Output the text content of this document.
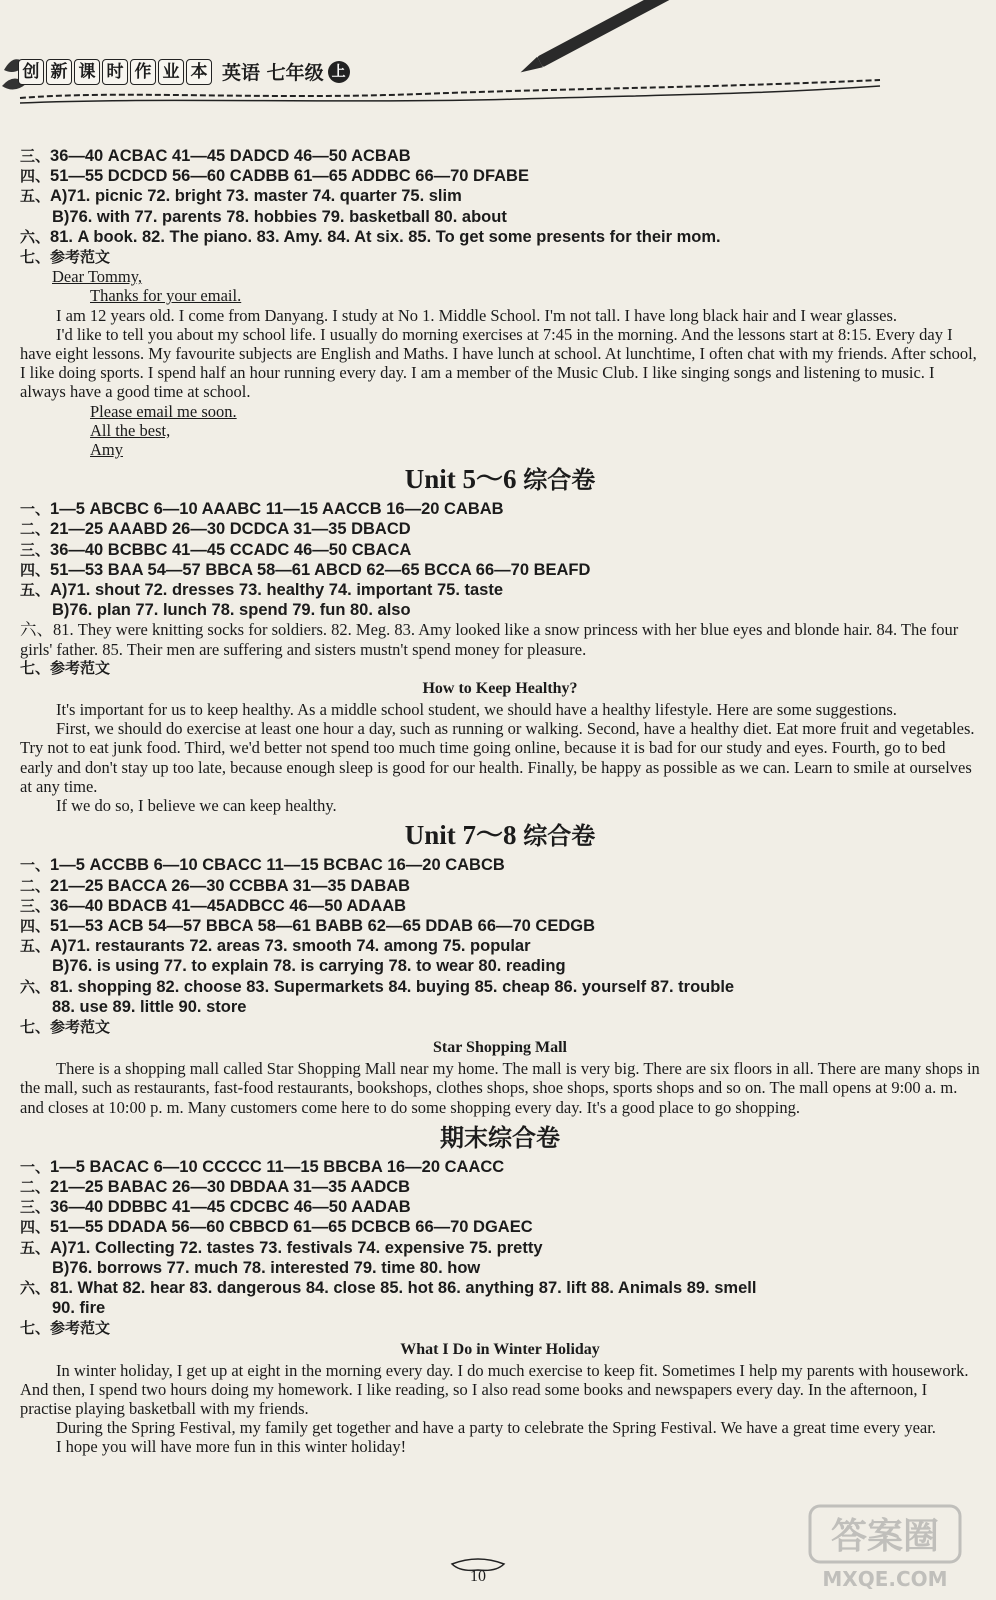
创 新 课 时 作 业 本 英语 七年级 上
三、36—40 ACBAC 41—45 DADCD 46—50 ACBAB
四、51—55 DCDCD 56—60 CADBB 61—65 ADDBC 66—70 DFABE
五、A)71. picnic 72. bright 73. master 74. quarter 75. slim
B)76. with 77. parents 78. hobbies 79. basketball 80. about
六、81. A book. 82. The piano. 83. Amy. 84. At six. 85. To get some presents for their mom.
七、参考范文
Dear Tommy,
Thanks for your email.
I am 12 years old. I come from Danyang. I study at No 1. Middle School. I'm not tall. I have long black hair and I wear glasses.
I'd like to tell you about my school life. I usually do morning exercises at 7:45 in the morning. And the lessons start at 8:15. Every day I have eight lessons. My favourite subjects are English and Maths. I have lunch at school. At lunchtime, I often chat with my friends. After school, I like doing sports. I spend half an hour running every day. I am a member of the Music Club. I like singing songs and listening to music. I always have a good time at school.
Please email me soon.
All the best,
Amy
Unit 5～6 综合卷
一、1—5 ABCBC 6—10 AAABC 11—15 AACCB 16—20 CABAB
二、21—25 AAABD 26—30 DCDCA 31—35 DBACD
三、36—40 BCBBC 41—45 CCADC 46—50 CBACA
四、51—53 BAA 54—57 BBCA 58—61 ABCD 62—65 BCCA 66—70 BEAFD
五、A)71. shout 72. dresses 73. healthy 74. important 75. taste
B)76. plan 77. lunch 78. spend 79. fun 80. also
六、81. They were knitting socks for soldiers. 82. Meg. 83. Amy looked like a snow princess with her blue eyes and blonde hair. 84. The four girls' father. 85. Their men are suffering and sisters mustn't spend money for pleasure.
七、参考范文
How to Keep Healthy?
It's important for us to keep healthy. As a middle school student, we should have a healthy lifestyle. Here are some suggestions.
First, we should do exercise at least one hour a day, such as running or walking. Second, have a healthy diet. Eat more fruit and vegetables. Try not to eat junk food. Third, we'd better not spend too much time going online, because it is bad for our study and eyes. Fourth, go to bed early and don't stay up too late, because enough sleep is good for our health. Finally, be happy as possible as we can. Learn to smile at ourselves at any time.
If we do so, I believe we can keep healthy.
Unit 7～8 综合卷
一、1—5 ACCBB 6—10 CBACC 11—15 BCBAC 16—20 CABCB
二、21—25 BACCA 26—30 CCBBA 31—35 DABAB
三、36—40 BDACB 41—45ADBCC 46—50 ADAAB
四、51—53 ACB 54—57 BBCA 58—61 BABB 62—65 DDAB 66—70 CEDGB
五、A)71. restaurants 72. areas 73. smooth 74. among 75. popular
B)76. is using 77. to explain 78. is carrying 78. to wear 80. reading
六、81. shopping 82. choose 83. Supermarkets 84. buying 85. cheap 86. yourself 87. trouble
88. use 89. little 90. store
七、参考范文
Star Shopping Mall
There is a shopping mall called Star Shopping Mall near my home. The mall is very big. There are six floors in all. There are many shops in the mall, such as restaurants, fast-food restaurants, bookshops, clothes shops, shoe shops, sports shops and so on. The mall opens at 9:00 a. m. and closes at 10:00 p. m. Many customers come here to do some shopping every day. It's a good place to go shopping.
期末综合卷
一、1—5 BACAC 6—10 CCCCC 11—15 BBCBA 16—20 CAACC
二、21—25 BABAC 26—30 DBDAA 31—35 AADCB
三、36—40 DDBBC 41—45 CDCBC 46—50 AADAB
四、51—55 DDADA 56—60 CBBCD 61—65 DCBCB 66—70 DGAEC
五、A)71. Collecting 72. tastes 73. festivals 74. expensive 75. pretty
B)76. borrows 77. much 78. interested 79. time 80. how
六、81. What 82. hear 83. dangerous 84. close 85. hot 86. anything 87. lift 88. Animals 89. smell
90. fire
七、参考范文
What I Do in Winter Holiday
In winter holiday, I get up at eight in the morning every day. I do much exercise to keep fit. Sometimes I help my parents with housework. And then, I spend two hours doing my homework. I like reading, so I also read some books and newspapers every day. In the afternoon, I practise playing basketball with my friends.
During the Spring Festival, my family get together and have a party to celebrate the Spring Festival. We have a great time every year.
I hope you will have more fun in this winter holiday!
10
答案圈
MXQE.COM
